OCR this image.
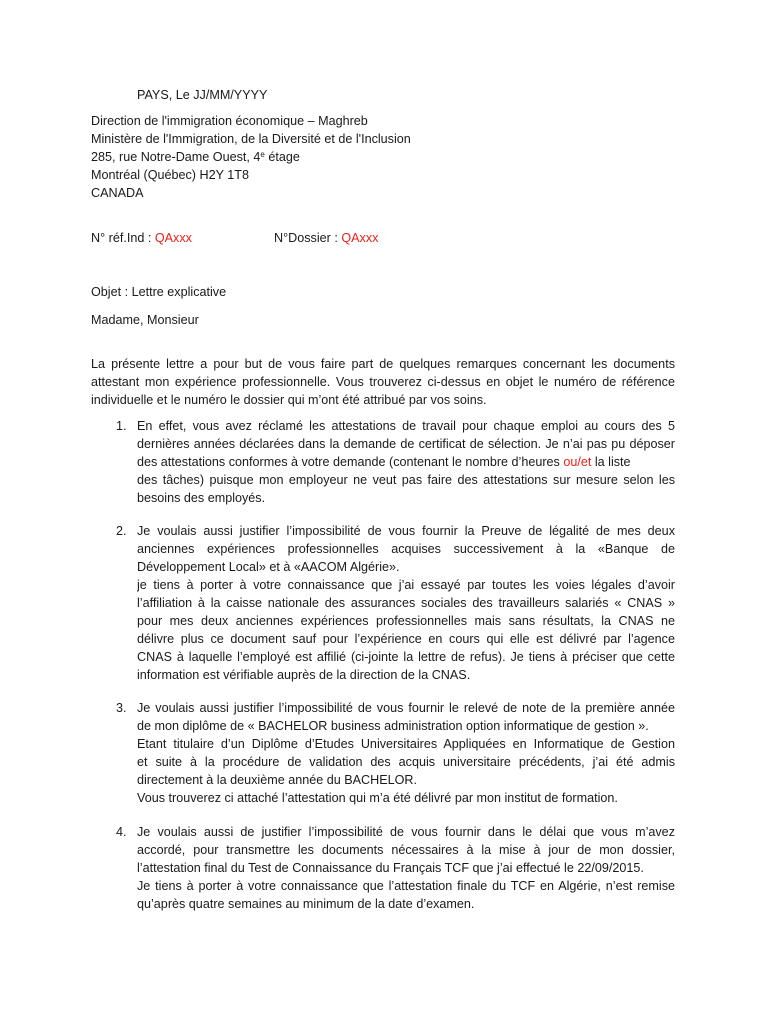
PAYS, Le JJ/MM/YYYY
Direction de l'immigration économique – Maghreb
Ministère de l'Immigration, de la Diversité et de l'Inclusion
285, rue Notre-Dame Ouest, 4e étage
Montréal (Québec) H2Y 1T8
CANADA
N° réf.Ind : QAxxx	N°Dossier : QAxxx
Objet : Lettre explicative
Madame, Monsieur
La présente lettre a pour but de vous faire part de quelques remarques concernant les documents
attestant mon expérience professionnelle. Vous trouverez ci-dessus en objet le numéro de référence
individuelle et le numéro le dossier qui m’ont été attribué par vos soins.
1. En effet, vous avez réclamé les attestations de travail pour chaque emploi au cours des 5
dernières années déclarées dans la demande de certificat de sélection. Je n’ai pas pu déposer
des attestations conformes à votre demande (contenant le nombre d’heures ou/et la liste
des tâches) puisque mon employeur ne veut pas faire des attestations sur mesure selon les
besoins des employés.
2. Je voulais aussi justifier l’impossibilité de vous fournir la Preuve de légalité de mes deux
anciennes expériences professionnelles acquises successivement à la «Banque de
Développement Local» et à «AACOM Algérie».
je tiens à porter à votre connaissance que j’ai essayé par toutes les voies légales d’avoir
l’affiliation à la caisse nationale des assurances sociales des travailleurs salariés « CNAS »
pour mes deux anciennes expériences professionnelles mais sans résultats, la CNAS ne
délivre plus ce document sauf pour l’expérience en cours qui elle est délivré par l’agence
CNAS à laquelle l’employé est affilié (ci-jointe la lettre de refus). Je tiens à préciser que cette
information est vérifiable auprès de la direction de la CNAS.
3. Je voulais aussi justifier l’impossibilité de vous fournir le relevé de note de la première année
de mon diplôme de « BACHELOR business administration option informatique de gestion ».
Etant titulaire d’un Diplôme d’Etudes Universitaires Appliquées en Informatique de Gestion
et suite à la procédure de validation des acquis universitaire précédents, j’ai été admis
directement à la deuxième année du BACHELOR.
Vous trouverez ci attaché l’attestation qui m’a été délivré par mon institut de formation.
4. Je voulais aussi de justifier l’impossibilité de vous fournir dans le délai que vous m’avez
accordé, pour transmettre les documents nécessaires à la mise à jour de mon dossier,
l’attestation final du Test de Connaissance du Français TCF que j’ai effectué le 22/09/2015.
Je tiens à porter à votre connaissance que l’attestation finale du TCF en Algérie, n’est remise
qu’après quatre semaines au minimum de la date d’examen.
